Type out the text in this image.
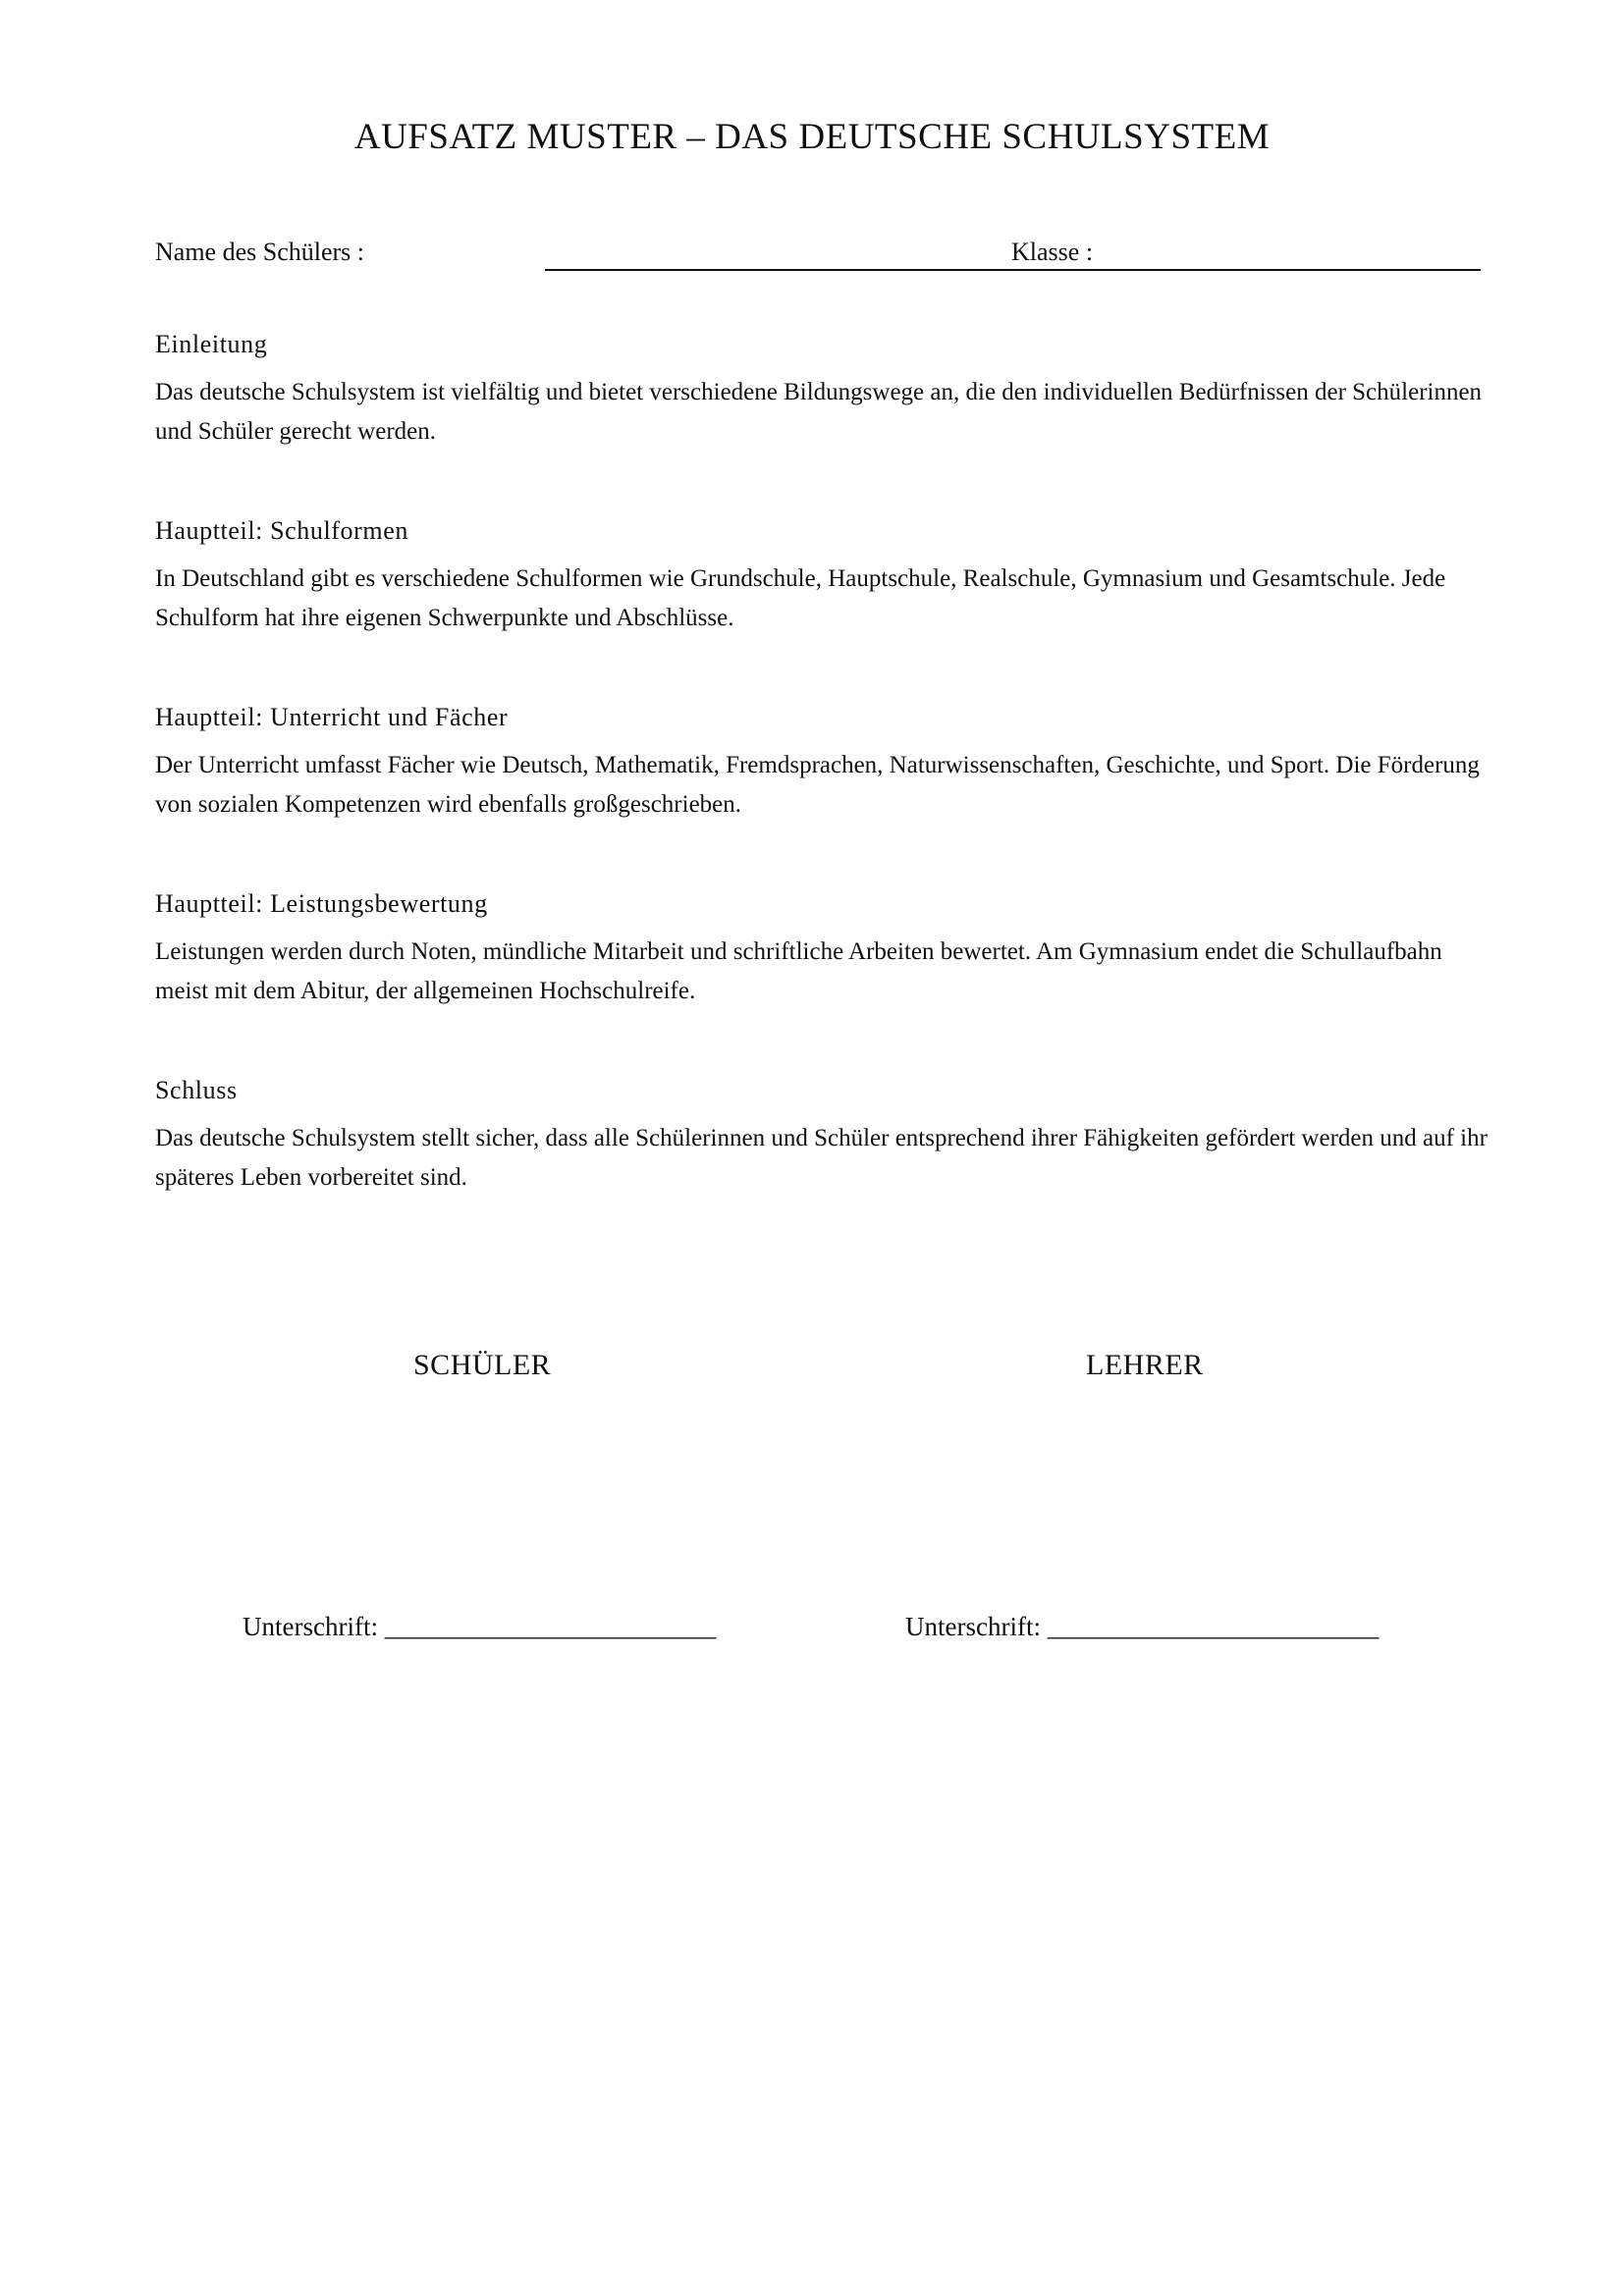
AUFSATZ MUSTER – DAS DEUTSCHE SCHULSYSTEM
Name des Schülers :	Klasse :

Einleitung

Das deutsche Schulsystem ist vielfältig und bietet verschiedene Bildungswege an, die den individuellen Bedürfnissen der Schülerinnen und Schüler gerecht werden.

Hauptteil: Schulformen

In Deutschland gibt es verschiedene Schulformen wie Grundschule, Hauptschule, Realschule, Gymnasium und Gesamtschule. Jede Schulform hat ihre eigenen Schwerpunkte und Abschlüsse.

Hauptteil: Unterricht und Fächer

Der Unterricht umfasst Fächer wie Deutsch, Mathematik, Fremdsprachen, Naturwissenschaften, Geschichte, und Sport. Die Förderung von sozialen Kompetenzen wird ebenfalls großgeschrieben.

Hauptteil: Leistungsbewertung

Leistungen werden durch Noten, mündliche Mitarbeit und schriftliche Arbeiten bewertet. Am Gymnasium endet die Schullaufbahn meist mit dem Abitur, der allgemeinen Hochschulreife.

Schluss

Das deutsche Schulsystem stellt sicher, dass alle Schülerinnen und Schüler entsprechend ihrer Fähigkeiten gefördert werden und auf ihr späteres Leben vorbereitet sind.

SCHÜLER	LEHRER
Unterschrift: _________________________	Unterschrift: _________________________
